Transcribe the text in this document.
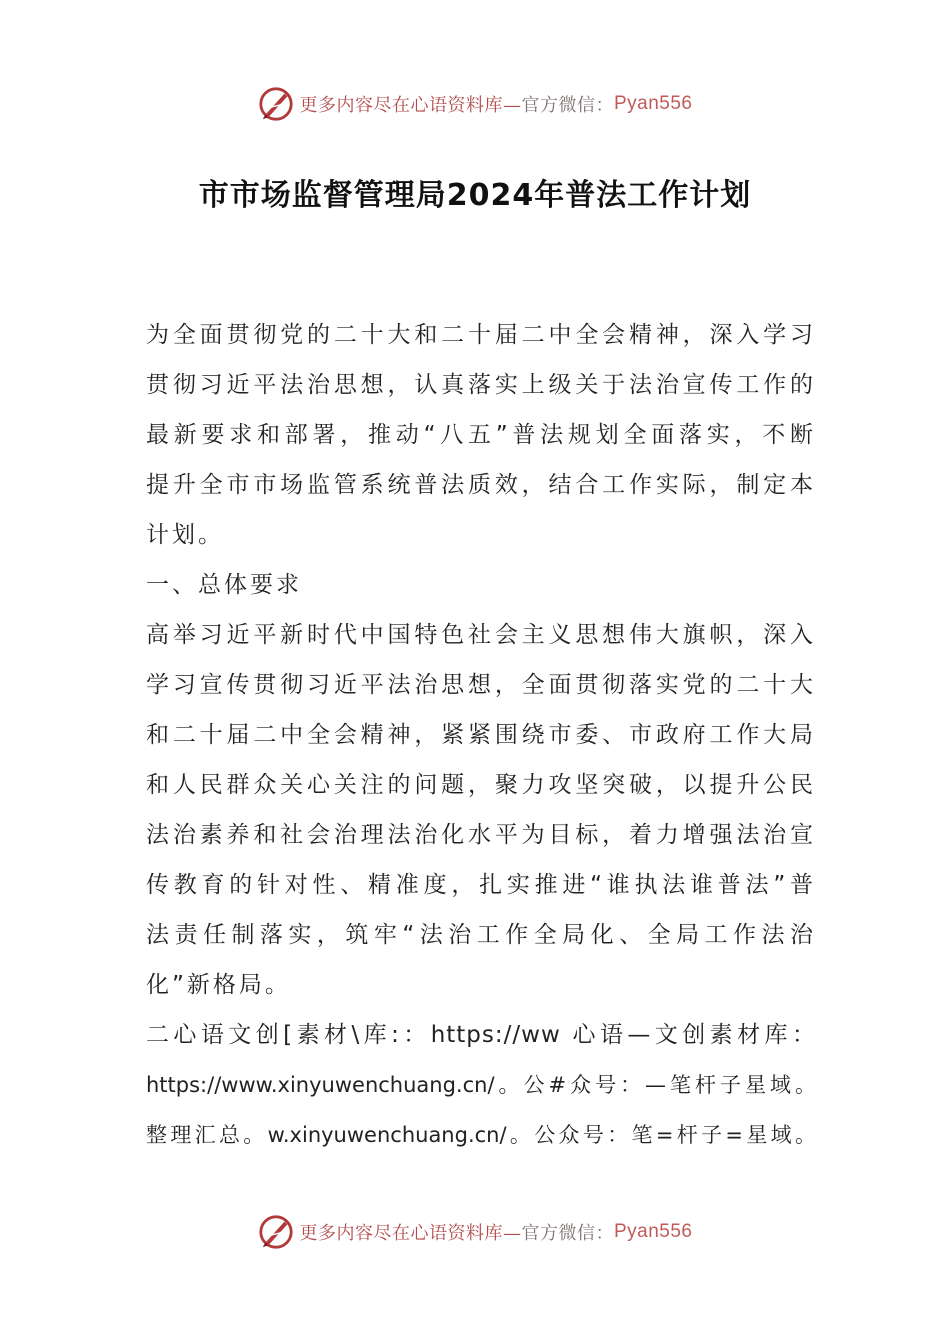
更多内容尽在心语资料库— 官方微信： Pyan556
市市场监督管理局2024年普法工作计划
为全面贯彻党的二十大和二十届二中全会精神，深入学习
贯彻习近平法治思想，认真落实上级关于法治宣传工作的
最新要求和部署，推动“八五”普法规划全面落实，不断
提升全市市场监管系统普法质效，结合工作实际，制定本
计划。
一、总体要求
高举习近平新时代中国特色社会主义思想伟大旗帜，深入
学习宣传贯彻习近平法治思想，全面贯彻落实党的二十大
和二十届二中全会精神，紧紧围绕市委、市政府工作大局
和人民群众关心关注的问题，聚力攻坚突破，以提升公民
法治素养和社会治理法治化水平为目标，着力增强法治宣
传教育的针对性、精准度，扎实推进“谁执法谁普法”普
法责任制落实，筑牢“法治工作全局化、全局工作法治
化”新格局。
二心语文创[素材\库:：https://ww 心语—文创素材库：
https://www.xinyuwenchuang.cn/。公#众号：—笔杆子星域。
整理汇总。w.xinyuwenchuang.cn/。公众号：笔=杆子=星域。
更多内容尽在心语资料库— 官方微信： Pyan556
